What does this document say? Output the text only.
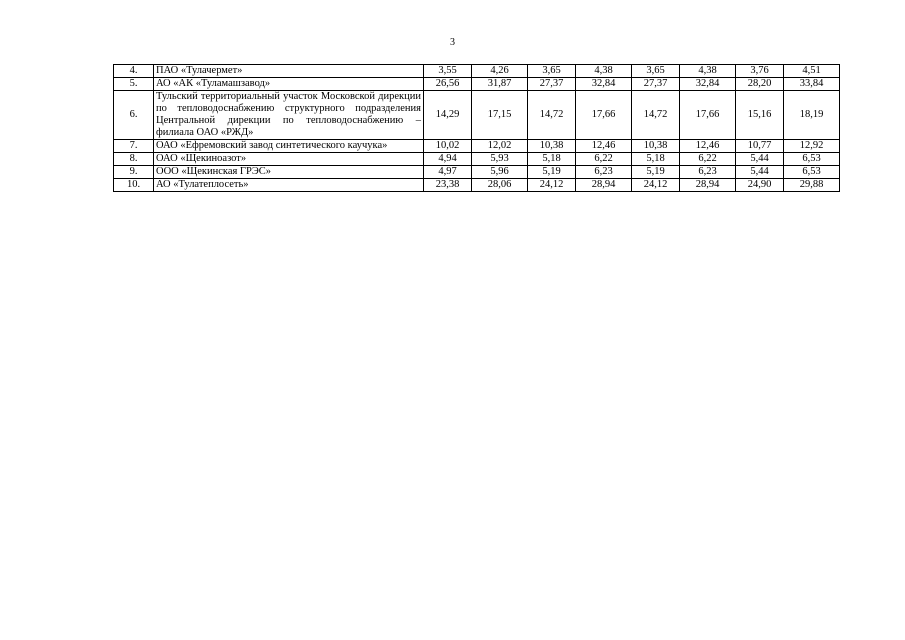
3
4.	ПАО «Тулачермет»	3,55	4,26	3,65	4,38	3,65	4,38	3,76	4,51
5.	АО «АК «Туламашзавод»	26,56	31,87	27,37	32,84	27,37	32,84	28,20	33,84
6.	Тульский территориальный участок Московской дирекции по тепловодоснабжению структурного подразделения Центральной дирекции по тепловодоснабжению – филиала ОАО «РЖД»	14,29	17,15	14,72	17,66	14,72	17,66	15,16	18,19
7.	ОАО «Ефремовский завод синтетического каучука»	10,02	12,02	10,38	12,46	10,38	12,46	10,77	12,92
8.	ОАО «Щекиноазот»	4,94	5,93	5,18	6,22	5,18	6,22	5,44	6,53
9.	ООО «Щекинская ГРЭС»	4,97	5,96	5,19	6,23	5,19	6,23	5,44	6,53
10.	АО «Тулатеплосеть»	23,38	28,06	24,12	28,94	24,12	28,94	24,90	29,88
